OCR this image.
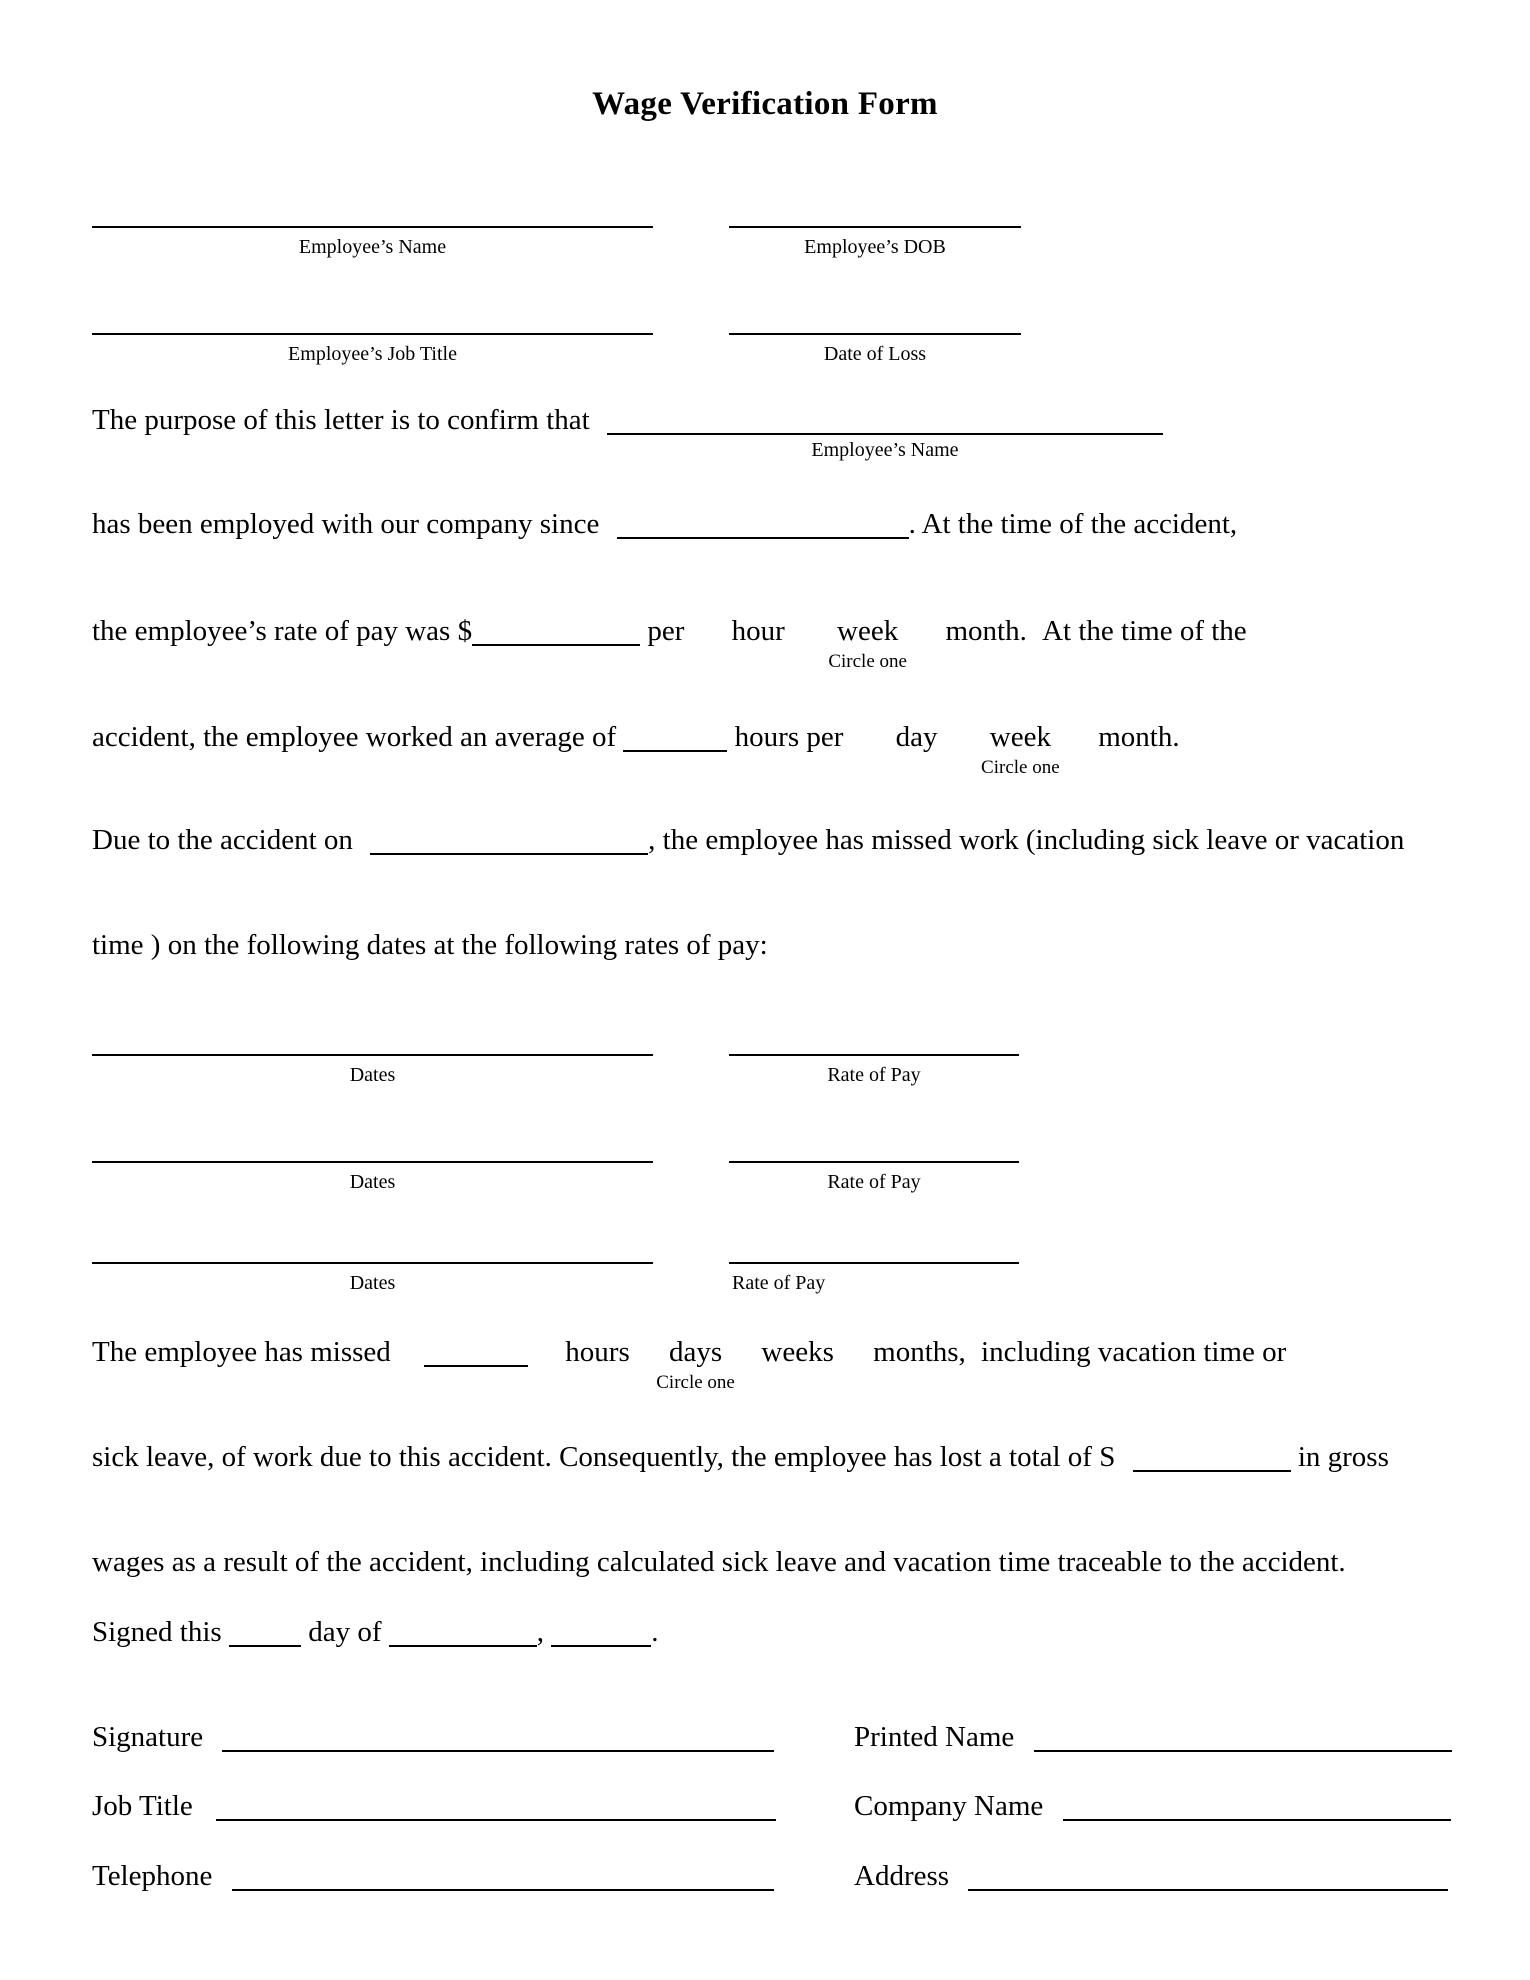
Wage Verification Form
Employee’s Name	Employee’s DOB
Employee’s Job Title	Date of Loss
The purpose of this letter is to confirm that
Employee’s Name
has been employed with our company since	. At the time of the accident,
the employee’s rate of pay was $	per hour week
Circle one
month. At the time of the
accident, the employee worked an average of	hours per day week
Circle one
month.
Due to the accident on	, the employee has missed work (including sick leave or vacation
time ) on the following dates at the following rates of pay:
Dates	Rate of Pay
Dates	Rate of Pay
Dates	Rate of Pay
The employee has missed	hours days
Circle one
weeks months, including vacation time or
sick leave, of work due to this accident. Consequently, the employee has lost a total of S	in gross
wages as a result of the accident, including calculated sick leave and vacation time traceable to the accident.
Signed this	day of	,	.
Signature	Printed Name
Job Title	Company Name
Telephone	Address
